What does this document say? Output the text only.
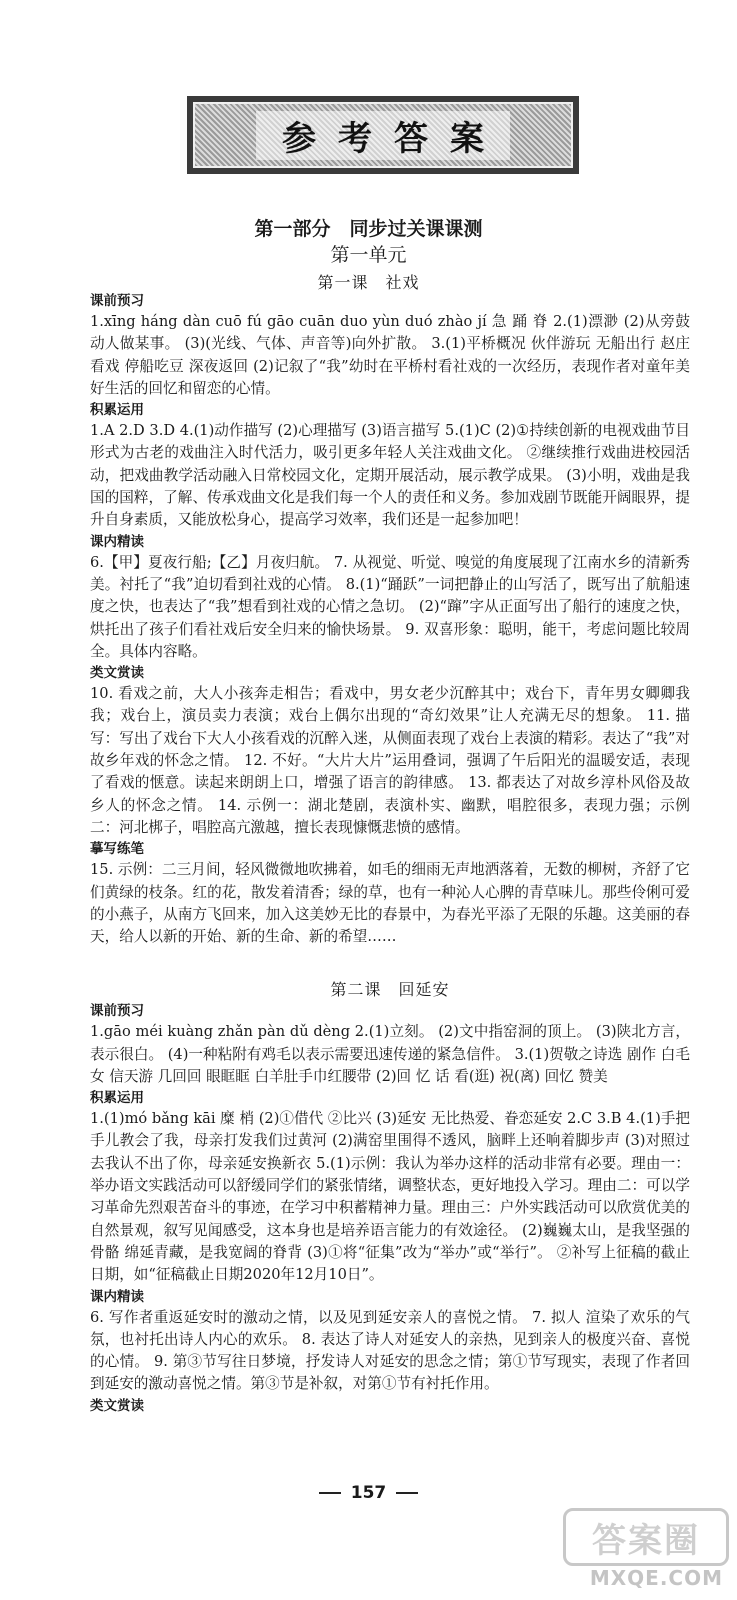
参考答案
第一部分　同步过关课课测
第一单元
第一课　社戏
课前预习

1.xīng háng dàn cuō fú gāo cuān duo yùn duó zhào jí 急 踊 脊 2.(1)漂渺 (2)从旁鼓动人做某事。 (3)(光线、气体、声音等)向外扩散。 3.(1)平桥概况 伙伴游玩 无船出行 赵庄看戏 停船吃豆 深夜返回 (2)记叙了“我”幼时在平桥村看社戏的一次经历，表现作者对童年美好生活的回忆和留恋的心情。

积累运用

1.A 2.D 3.D 4.(1)动作描写 (2)心理描写 (3)语言描写 5.(1)C (2)①持续创新的电视戏曲节目形式为古老的戏曲注入时代活力，吸引更多年轻人关注戏曲文化。 ②继续推行戏曲进校园活动，把戏曲教学活动融入日常校园文化，定期开展活动，展示教学成果。 (3)小明，戏曲是我国的国粹，了解、传承戏曲文化是我们每一个人的责任和义务。参加戏剧节既能开阔眼界，提升自身素质，又能放松身心，提高学习效率，我们还是一起参加吧！

课内精读

6.【甲】夏夜行船;【乙】月夜归航。 7. 从视觉、听觉、嗅觉的角度展现了江南水乡的清新秀美。衬托了“我”迫切看到社戏的心情。 8.(1)“踊跃”一词把静止的山写活了，既写出了航船速度之快，也表达了“我”想看到社戏的心情之急切。 (2)“蹿”字从正面写出了船行的速度之快，烘托出了孩子们看社戏后安全归来的愉快场景。 9. 双喜形象：聪明，能干，考虑问题比较周全。具体内容略。

类文赏读

10. 看戏之前，大人小孩奔走相告；看戏中，男女老少沉醉其中；戏台下，青年男女卿卿我我；戏台上，演员卖力表演；戏台上偶尔出现的“奇幻效果”让人充满无尽的想象。 11. 描写：写出了戏台下大人小孩看戏的沉醉入迷，从侧面表现了戏台上表演的精彩。表达了“我”对故乡年戏的怀念之情。 12. 不好。“大片大片”运用叠词，强调了午后阳光的温暖安适，表现了看戏的惬意。读起来朗朗上口，增强了语言的韵律感。 13. 都表达了对故乡淳朴风俗及故乡人的怀念之情。 14. 示例一：湖北楚剧，表演朴实、幽默，唱腔很多，表现力强；示例二：河北梆子，唱腔高亢激越，擅长表现慷慨悲愤的感情。

摹写练笔

15. 示例：二三月间，轻风微微地吹拂着，如毛的细雨无声地洒落着，无数的柳树，齐舒了它们黄绿的枝条。红的花，散发着清香；绿的草，也有一种沁人心脾的青草味儿。那些伶俐可爱的小燕子，从南方飞回来，加入这美妙无比的春景中，为春光平添了无限的乐趣。这美丽的春天，给人以新的开始、新的生命、新的希望……

第二课　回延安
课前预习

1.gāo méi kuàng zhǎn pàn dǔ dèng 2.(1)立刻。 (2)文中指窑洞的顶上。 (3)陕北方言，表示很白。 (4)一种粘附有鸡毛以表示需要迅速传递的紧急信件。 3.(1)贺敬之诗选 剧作 白毛女 信天游 几回回 眼眶眶 白羊肚手巾红腰带 (2)回 忆 话 看(逛) 祝(离) 回忆 赞美

积累运用

1.(1)mó bǎng kāi 糜 梢 (2)①借代 ②比兴 (3)延安 无比热爱、眷恋延安 2.C 3.B 4.(1)手把手儿教会了我，母亲打发我们过黄河 (2)满窑里围得不透风，脑畔上还响着脚步声 (3)对照过去我认不出了你，母亲延安换新衣 5.(1)示例：我认为举办这样的活动非常有必要。理由一：举办语文实践活动可以舒缓同学们的紧张情绪，调整状态，更好地投入学习。理由二：可以学习革命先烈艰苦奋斗的事迹，在学习中积蓄精神力量。理由三：户外实践活动可以欣赏优美的自然景观，叙写见闻感受，这本身也是培养语言能力的有效途径。 (2)巍巍太山，是我坚强的骨骼 绵延青藏，是我宽阔的脊背 (3)①将“征集”改为“举办”或“举行”。 ②补写上征稿的截止日期，如“征稿截止日期2020年12月10日”。

课内精读

6. 写作者重返延安时的激动之情，以及见到延安亲人的喜悦之情。 7. 拟人 渲染了欢乐的气氛，也衬托出诗人内心的欢乐。 8. 表达了诗人对延安人的亲热，见到亲人的极度兴奋、喜悦的心情。 9. 第③节写往日梦境，抒发诗人对延安的思念之情；第①节写现实，表现了作者回到延安的激动喜悦之情。第③节是补叙，对第①节有衬托作用。

类文赏读
157
答案圈
MXQE.COM
